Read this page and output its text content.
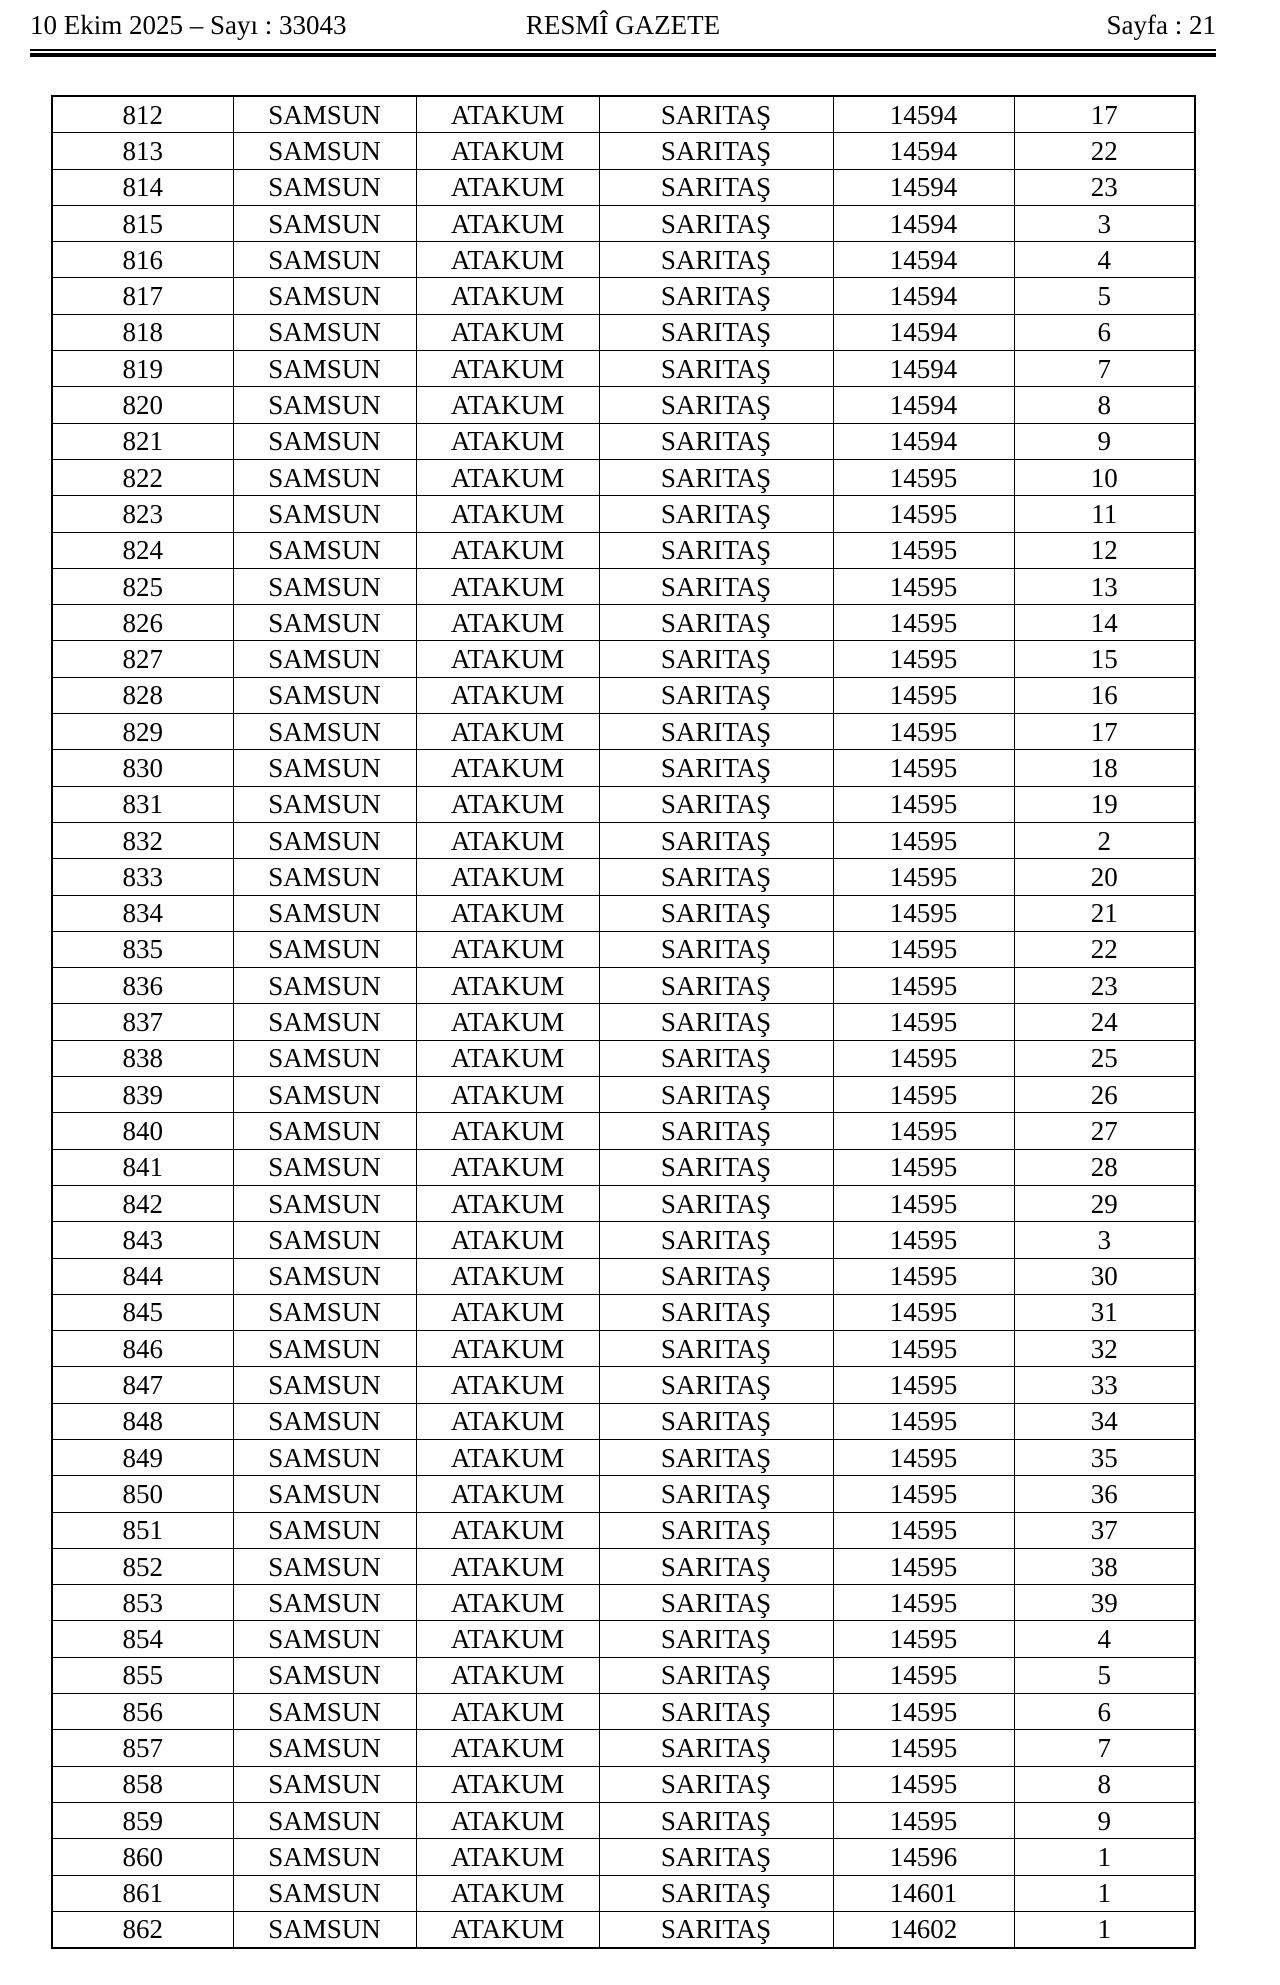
10 Ekim 2025 – Sayı : 33043	RESMÎ GAZETE	Sayfa : 21
812	SAMSUN	ATAKUM	SARITAŞ	14594	17
813	SAMSUN	ATAKUM	SARITAŞ	14594	22
814	SAMSUN	ATAKUM	SARITAŞ	14594	23
815	SAMSUN	ATAKUM	SARITAŞ	14594	3
816	SAMSUN	ATAKUM	SARITAŞ	14594	4
817	SAMSUN	ATAKUM	SARITAŞ	14594	5
818	SAMSUN	ATAKUM	SARITAŞ	14594	6
819	SAMSUN	ATAKUM	SARITAŞ	14594	7
820	SAMSUN	ATAKUM	SARITAŞ	14594	8
821	SAMSUN	ATAKUM	SARITAŞ	14594	9
822	SAMSUN	ATAKUM	SARITAŞ	14595	10
823	SAMSUN	ATAKUM	SARITAŞ	14595	11
824	SAMSUN	ATAKUM	SARITAŞ	14595	12
825	SAMSUN	ATAKUM	SARITAŞ	14595	13
826	SAMSUN	ATAKUM	SARITAŞ	14595	14
827	SAMSUN	ATAKUM	SARITAŞ	14595	15
828	SAMSUN	ATAKUM	SARITAŞ	14595	16
829	SAMSUN	ATAKUM	SARITAŞ	14595	17
830	SAMSUN	ATAKUM	SARITAŞ	14595	18
831	SAMSUN	ATAKUM	SARITAŞ	14595	19
832	SAMSUN	ATAKUM	SARITAŞ	14595	2
833	SAMSUN	ATAKUM	SARITAŞ	14595	20
834	SAMSUN	ATAKUM	SARITAŞ	14595	21
835	SAMSUN	ATAKUM	SARITAŞ	14595	22
836	SAMSUN	ATAKUM	SARITAŞ	14595	23
837	SAMSUN	ATAKUM	SARITAŞ	14595	24
838	SAMSUN	ATAKUM	SARITAŞ	14595	25
839	SAMSUN	ATAKUM	SARITAŞ	14595	26
840	SAMSUN	ATAKUM	SARITAŞ	14595	27
841	SAMSUN	ATAKUM	SARITAŞ	14595	28
842	SAMSUN	ATAKUM	SARITAŞ	14595	29
843	SAMSUN	ATAKUM	SARITAŞ	14595	3
844	SAMSUN	ATAKUM	SARITAŞ	14595	30
845	SAMSUN	ATAKUM	SARITAŞ	14595	31
846	SAMSUN	ATAKUM	SARITAŞ	14595	32
847	SAMSUN	ATAKUM	SARITAŞ	14595	33
848	SAMSUN	ATAKUM	SARITAŞ	14595	34
849	SAMSUN	ATAKUM	SARITAŞ	14595	35
850	SAMSUN	ATAKUM	SARITAŞ	14595	36
851	SAMSUN	ATAKUM	SARITAŞ	14595	37
852	SAMSUN	ATAKUM	SARITAŞ	14595	38
853	SAMSUN	ATAKUM	SARITAŞ	14595	39
854	SAMSUN	ATAKUM	SARITAŞ	14595	4
855	SAMSUN	ATAKUM	SARITAŞ	14595	5
856	SAMSUN	ATAKUM	SARITAŞ	14595	6
857	SAMSUN	ATAKUM	SARITAŞ	14595	7
858	SAMSUN	ATAKUM	SARITAŞ	14595	8
859	SAMSUN	ATAKUM	SARITAŞ	14595	9
860	SAMSUN	ATAKUM	SARITAŞ	14596	1
861	SAMSUN	ATAKUM	SARITAŞ	14601	1
862	SAMSUN	ATAKUM	SARITAŞ	14602	1
